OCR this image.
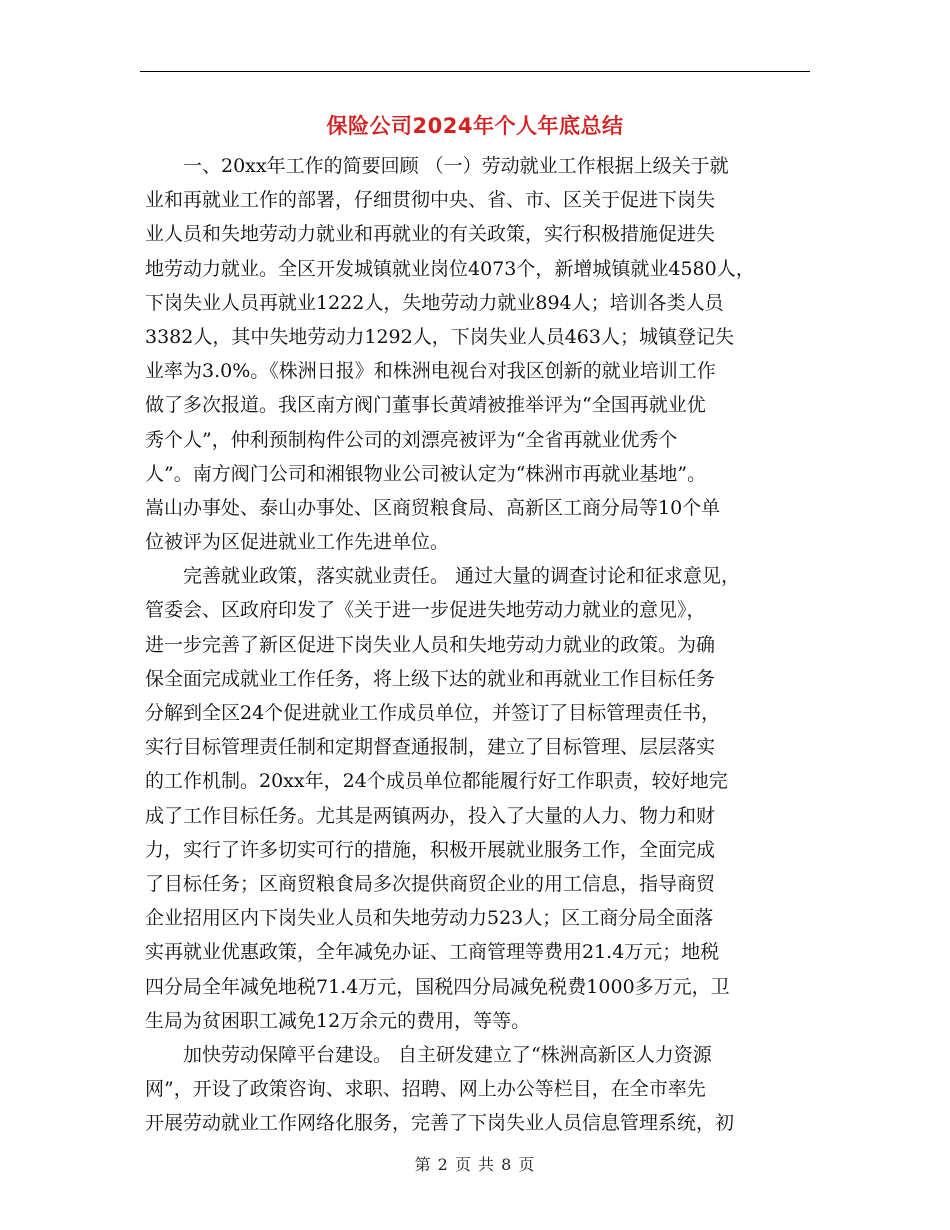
保险公司2024年个人年底总结
　　一、20xx年工作的简要回顾 （一）劳动就业工作根据上级关于就
业和再就业工作的部署，仔细贯彻中央、省、市、区关于促进下岗失
业人员和失地劳动力就业和再就业的有关政策，实行积极措施促进失
地劳动力就业。全区开发城镇就业岗位4073个，新增城镇就业4580人，
下岗失业人员再就业1222人，失地劳动力就业894人；培训各类人员
3382人，其中失地劳动力1292人，下岗失业人员463人；城镇登记失
业率为3.0%。《株洲日报》和株洲电视台对我区创新的就业培训工作
做了多次报道。我区南方阀门董事长黄靖被推举评为“全国再就业优
秀个人”，仲利预制构件公司的刘漂亮被评为“全省再就业优秀个
人”。南方阀门公司和湘银物业公司被认定为“株洲市再就业基地”。
嵩山办事处、泰山办事处、区商贸粮食局、高新区工商分局等10个单
位被评为区促进就业工作先进单位。
　　完善就业政策，落实就业责任。 通过大量的调查讨论和征求意见，
管委会、区政府印发了《关于进一步促进失地劳动力就业的意见》，
进一步完善了新区促进下岗失业人员和失地劳动力就业的政策。为确
保全面完成就业工作任务，将上级下达的就业和再就业工作目标任务
分解到全区24个促进就业工作成员单位，并签订了目标管理责任书，
实行目标管理责任制和定期督查通报制，建立了目标管理、层层落实
的工作机制。20xx年，24个成员单位都能履行好工作职责，较好地完
成了工作目标任务。尤其是两镇两办，投入了大量的人力、物力和财
力，实行了许多切实可行的措施，积极开展就业服务工作，全面完成
了目标任务；区商贸粮食局多次提供商贸企业的用工信息，指导商贸
企业招用区内下岗失业人员和失地劳动力523人；区工商分局全面落
实再就业优惠政策，全年减免办证、工商管理等费用21.4万元；地税
四分局全年减免地税71.4万元，国税四分局减免税费1000多万元，卫
生局为贫困职工减免12万余元的费用，等等。
　　加快劳动保障平台建设。 自主研发建立了“株洲高新区人力资源
网”，开设了政策咨询、求职、招聘、网上办公等栏目，在全市率先
开展劳动就业工作网络化服务，完善了下岗失业人员信息管理系统，初
第 2 页 共 8 页
